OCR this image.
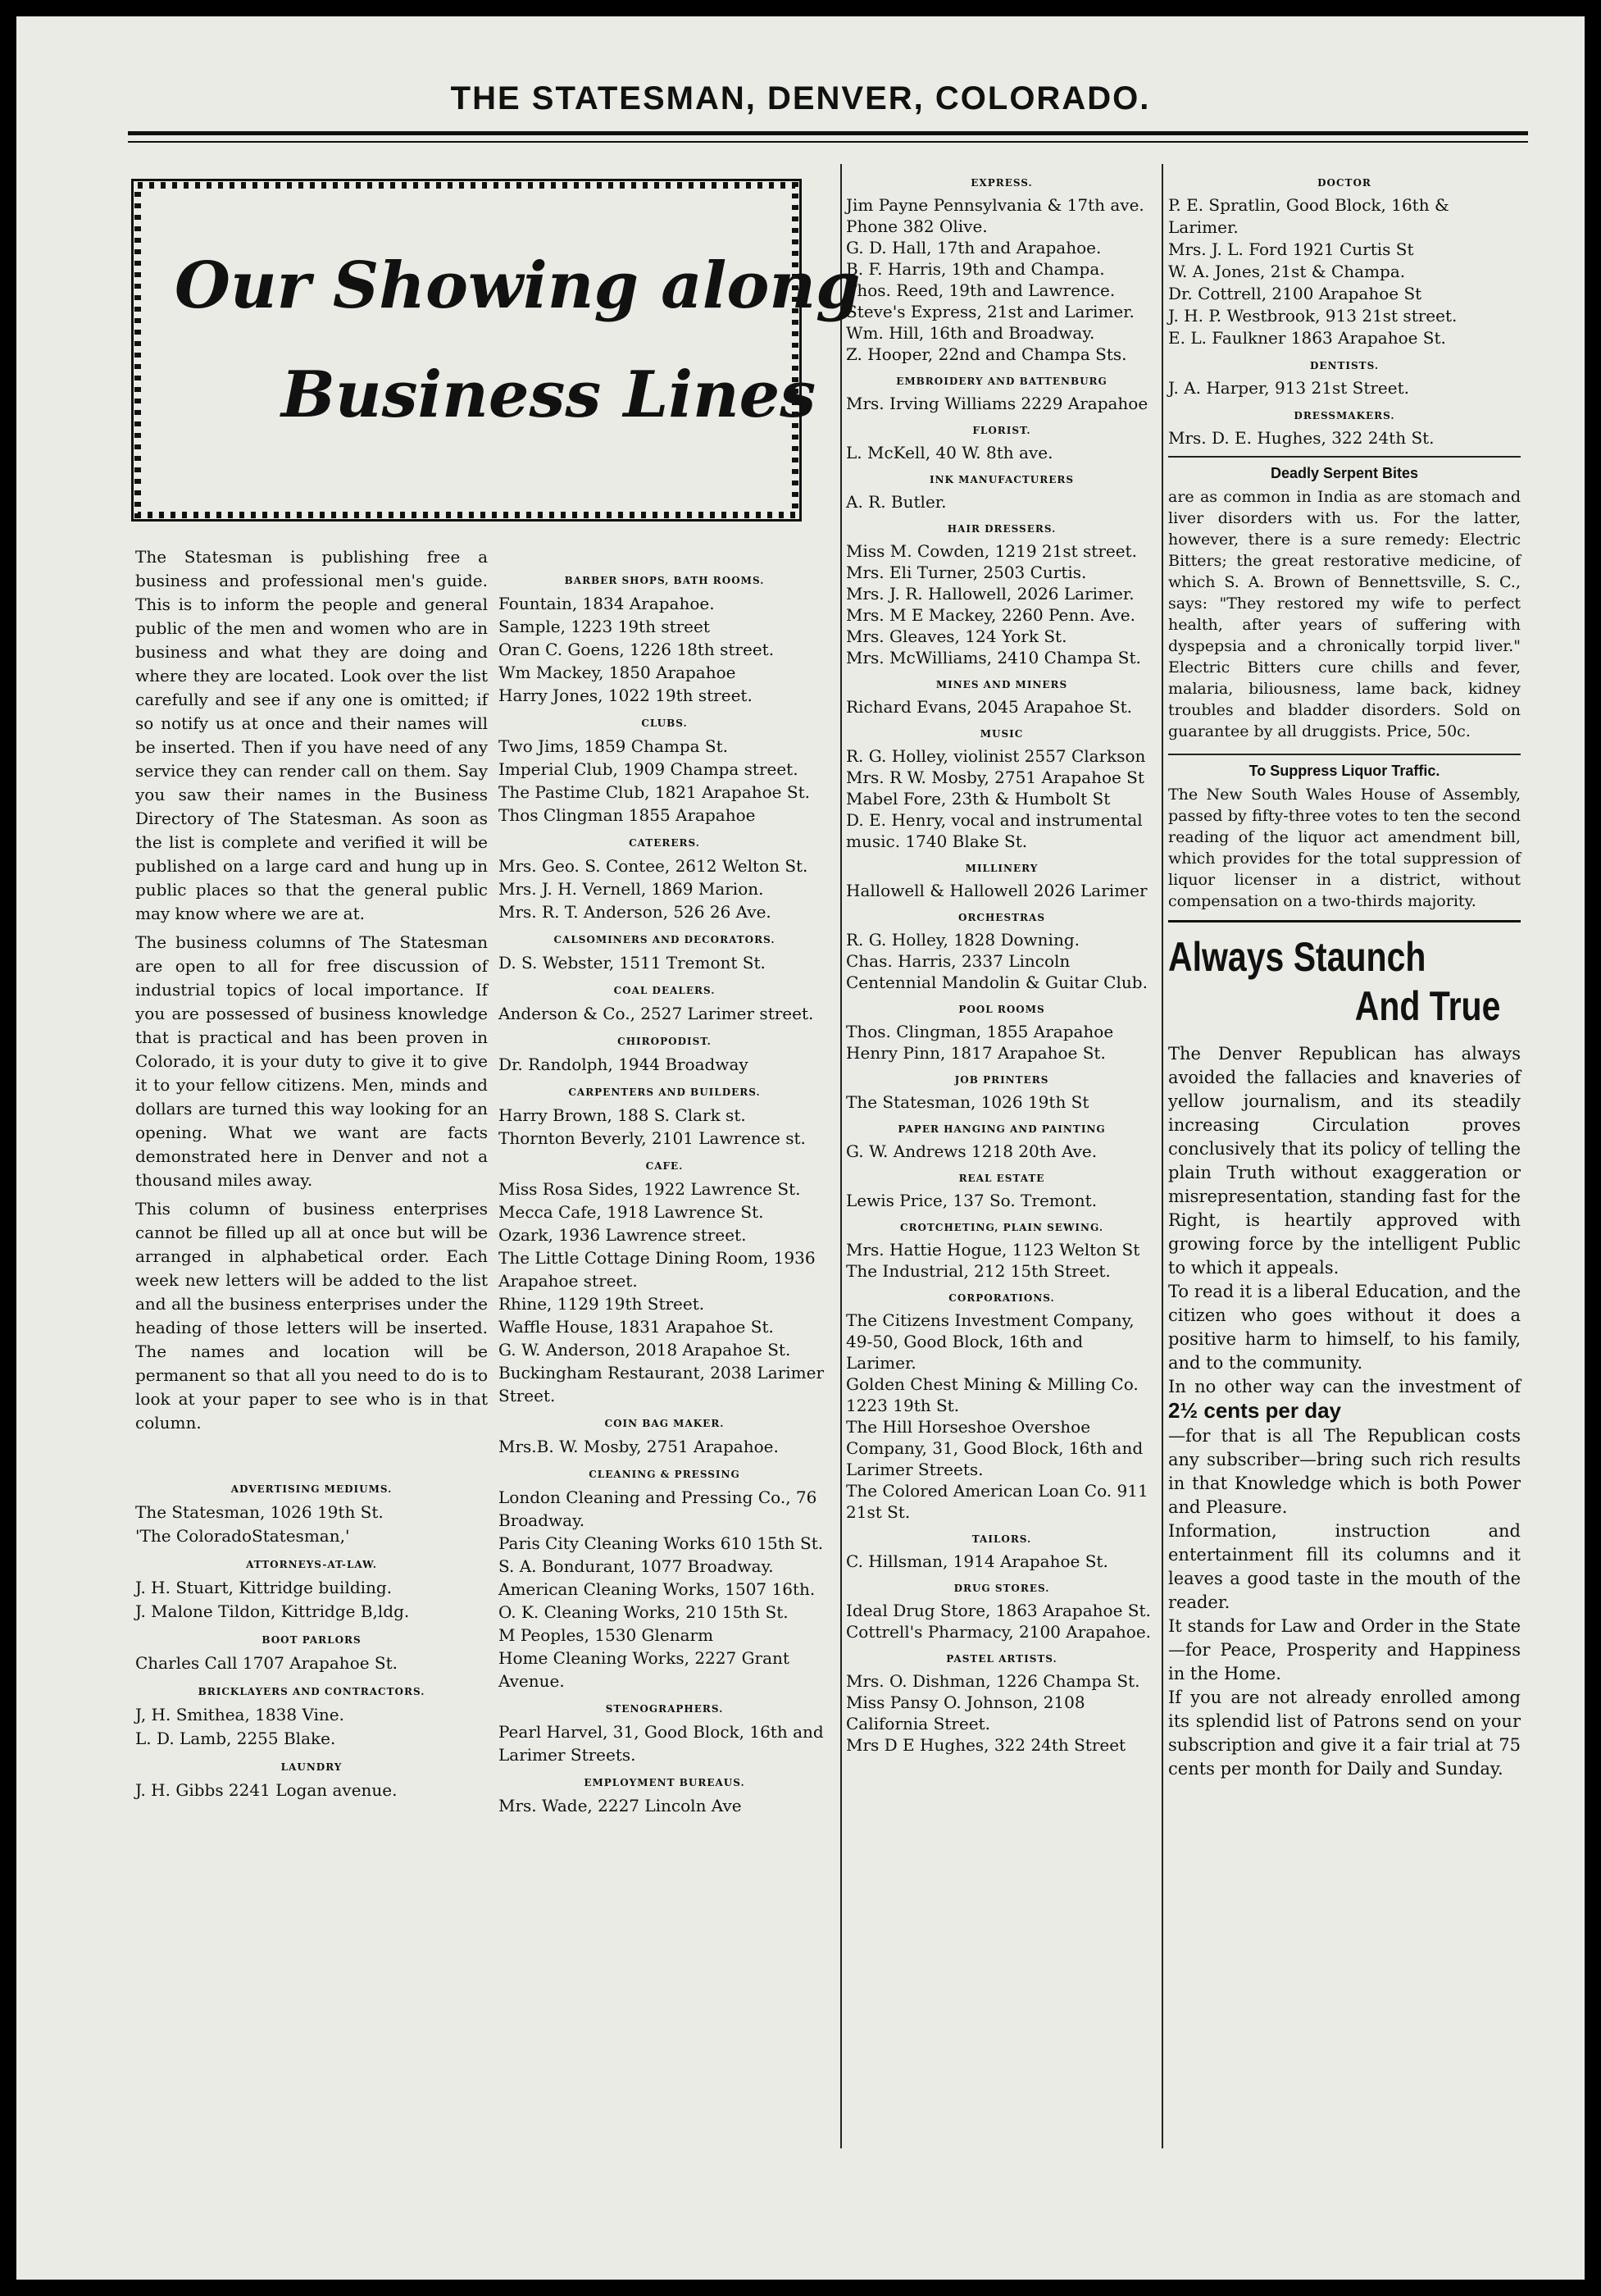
THE STATESMAN, DENVER, COLORADO.
Our Showing along
Business Lines

The Statesman is publishing free a business and professional men's guide. This is to inform the people and general public of the men and women who are in business and what they are doing and where they are located. Look over the list carefully and see if any one is omitted; if so notify us at once and their names will be inserted. Then if you have need of any service they can render call on them. Say you saw their names in the Business Directory of The Statesman. As soon as the list is complete and verified it will be published on a large card and hung up in public places so that the general public may know where we are at.

The business columns of The Statesman are open to all for free discussion of industrial topics of local importance. If you are possessed of business knowledge that is practical and has been proven in Colorado, it is your duty to give it to give it to your fellow citizens. Men, minds and dollars are turned this way looking for an opening. What we want are facts demonstrated here in Denver and not a thousand miles away.

This column of business enterprises cannot be filled up all at once but will be arranged in alphabetical order. Each week new letters will be added to the list and all the business enterprises under the heading of those letters will be inserted. The names and location will be permanent so that all you need to do is to look at your paper to see who is in that column.

ADVERTISING MEDIUMS.
The Statesman, 1026 19th St.
'The ColoradoStatesman,'
ATTORNEYS-AT-LAW.
J. H. Stuart, Kittridge building.
J. Malone Tildon, Kittridge B,ldg.
BOOT PARLORS
Charles Call 1707 Arapahoe St.
BRICKLAYERS AND CONTRACTORS.
J, H. Smithea, 1838 Vine.
L. D. Lamb, 2255 Blake.
LAUNDRY
J. H. Gibbs 2241 Logan avenue.
BARBER SHOPS, BATH ROOMS.
Fountain, 1834 Arapahoe.
Sample, 1223 19th street
Oran C. Goens, 1226 18th street.
Wm Mackey, 1850 Arapahoe
Harry Jones, 1022 19th street.
CLUBS.
Two Jims, 1859 Champa St.
Imperial Club, 1909 Champa street.
The Pastime Club, 1821 Arapahoe St.
Thos Clingman 1855 Arapahoe
CATERERS.
Mrs. Geo. S. Contee, 2612 Welton St.
Mrs. J. H. Vernell, 1869 Marion.
Mrs. R. T. Anderson, 526 26 Ave.
CALSOMINERS AND DECORATORS.
D. S. Webster, 1511 Tremont St.
COAL DEALERS.
Anderson & Co., 2527 Larimer street.
CHIROPODIST.
Dr. Randolph, 1944 Broadway
CARPENTERS AND BUILDERS.
Harry Brown, 188 S. Clark st.
Thornton Beverly, 2101 Lawrence st.
CAFE.
Miss Rosa Sides, 1922 Lawrence St.
Mecca Cafe, 1918 Lawrence St.
Ozark, 1936 Lawrence street.
The Little Cottage Dining Room, 1936 Arapahoe street.
Rhine, 1129 19th Street.
Waffle House, 1831 Arapahoe St.
G. W. Anderson, 2018 Arapahoe St.
Buckingham Restaurant, 2038 Larimer Street.
COIN BAG MAKER.
Mrs.B. W. Mosby, 2751 Arapahoe.
CLEANING & PRESSING
London Cleaning and Pressing Co., 76 Broadway.
Paris City Cleaning Works 610 15th St.
S. A. Bondurant, 1077 Broadway.
American Cleaning Works, 1507 16th.
O. K. Cleaning Works, 210 15th St.
M Peoples, 1530 Glenarm
Home Cleaning Works, 2227 Grant Avenue.
STENOGRAPHERS.
Pearl Harvel, 31, Good Block, 16th and Larimer Streets.
EMPLOYMENT BUREAUS.
Mrs. Wade, 2227 Lincoln Ave
EXPRESS.
Jim Payne Pennsylvania & 17th ave. Phone 382 Olive.
G. D. Hall, 17th and Arapahoe.
B. F. Harris, 19th and Champa.
Thos. Reed, 19th and Lawrence.
Steve's Express, 21st and Larimer.
Wm. Hill, 16th and Broadway.
Z. Hooper, 22nd and Champa Sts.
EMBROIDERY AND BATTENBURG
Mrs. Irving Williams 2229 Arapahoe
FLORIST.
L. McKell, 40 W. 8th ave.
INK MANUFACTURERS
A. R. Butler.
HAIR DRESSERS.
Miss M. Cowden, 1219 21st street.
Mrs. Eli Turner, 2503 Curtis.
Mrs. J. R. Hallowell, 2026 Larimer.
Mrs. M E Mackey, 2260 Penn. Ave.
Mrs. Gleaves, 124 York St.
Mrs. McWilliams, 2410 Champa St.
MINES AND MINERS
Richard Evans, 2045 Arapahoe St.
MUSIC
R. G. Holley, violinist 2557 Clarkson
Mrs. R W. Mosby, 2751 Arapahoe St
Mabel Fore, 23th & Humbolt St
D. E. Henry, vocal and instrumental music. 1740 Blake St.
MILLINERY
Hallowell & Hallowell 2026 Larimer
ORCHESTRAS
R. G. Holley, 1828 Downing.
Chas. Harris, 2337 Lincoln
Centennial Mandolin & Guitar Club.
POOL ROOMS
Thos. Clingman, 1855 Arapahoe
Henry Pinn, 1817 Arapahoe St.
JOB PRINTERS
The Statesman, 1026 19th St
PAPER HANGING AND PAINTING
G. W. Andrews 1218 20th Ave.
REAL ESTATE
Lewis Price, 137 So. Tremont.
CROTCHETING, PLAIN SEWING.
Mrs. Hattie Hogue, 1123 Welton St
The Industrial, 212 15th Street.
CORPORATIONS.
The Citizens Investment Company, 49-50, Good Block, 16th and Larimer.
Golden Chest Mining & Milling Co. 1223 19th St.
The Hill Horseshoe Overshoe Company, 31, Good Block, 16th and Larimer Streets.
The Colored American Loan Co. 911 21st St.
TAILORS.
C. Hillsman, 1914 Arapahoe St.
DRUG STORES.
Ideal Drug Store, 1863 Arapahoe St.
Cottrell's Pharmacy, 2100 Arapahoe.
PASTEL ARTISTS.
Mrs. O. Dishman, 1226 Champa St.
Miss Pansy O. Johnson, 2108 California Street.
Mrs D E Hughes, 322 24th Street
DOCTOR
P. E. Spratlin, Good Block, 16th & Larimer.
Mrs. J. L. Ford 1921 Curtis St
W. A. Jones, 21st & Champa.
Dr. Cottrell, 2100 Arapahoe St
J. H. P. Westbrook, 913 21st street.
E. L. Faulkner 1863 Arapahoe St.
DENTISTS.
J. A. Harper, 913 21st Street.
DRESSMAKERS.
Mrs. D. E. Hughes, 322 24th St.
Deadly Serpent Bites
are as common in India as are stomach and liver disorders with us. For the latter, however, there is a sure remedy: Electric Bitters; the great restorative medicine, of which S. A. Brown of Bennettsville, S. C., says: "They restored my wife to perfect health, after years of suffering with dyspepsia and a chronically torpid liver." Electric Bitters cure chills and fever, malaria, biliousness, lame back, kidney troubles and bladder disorders. Sold on guarantee by all druggists. Price, 50c.
To Suppress Liquor Traffic.
The New South Wales House of Assembly, passed by fifty-three votes to ten the second reading of the liquor act amendment bill, which provides for the total suppression of liquor licenser in a district, without compensation on a two-thirds majority.
Always Staunch
And True
The Denver Republican has always avoided the fallacies and knaveries of yellow journalism, and its steadily increasing Circulation proves conclusively that its policy of telling the plain Truth without exaggeration or misrepresentation, standing fast for the Right, is heartily approved with growing force by the intelligent Public to which it appeals.
To read it is a liberal Education, and the citizen who goes without it does a positive harm to himself, to his family, and to the community.
In no other way can the investment of 2½ cents per day
—for that is all The Republican costs any subscriber—bring such rich results in that Knowledge which is both Power and Pleasure.
Information, instruction and entertainment fill its columns and it leaves a good taste in the mouth of the reader.
It stands for Law and Order in the State—for Peace, Prosperity and Happiness in the Home.
If you are not already enrolled among its splendid list of Patrons send on your subscription and give it a fair trial at 75 cents per month for Daily and Sunday.
